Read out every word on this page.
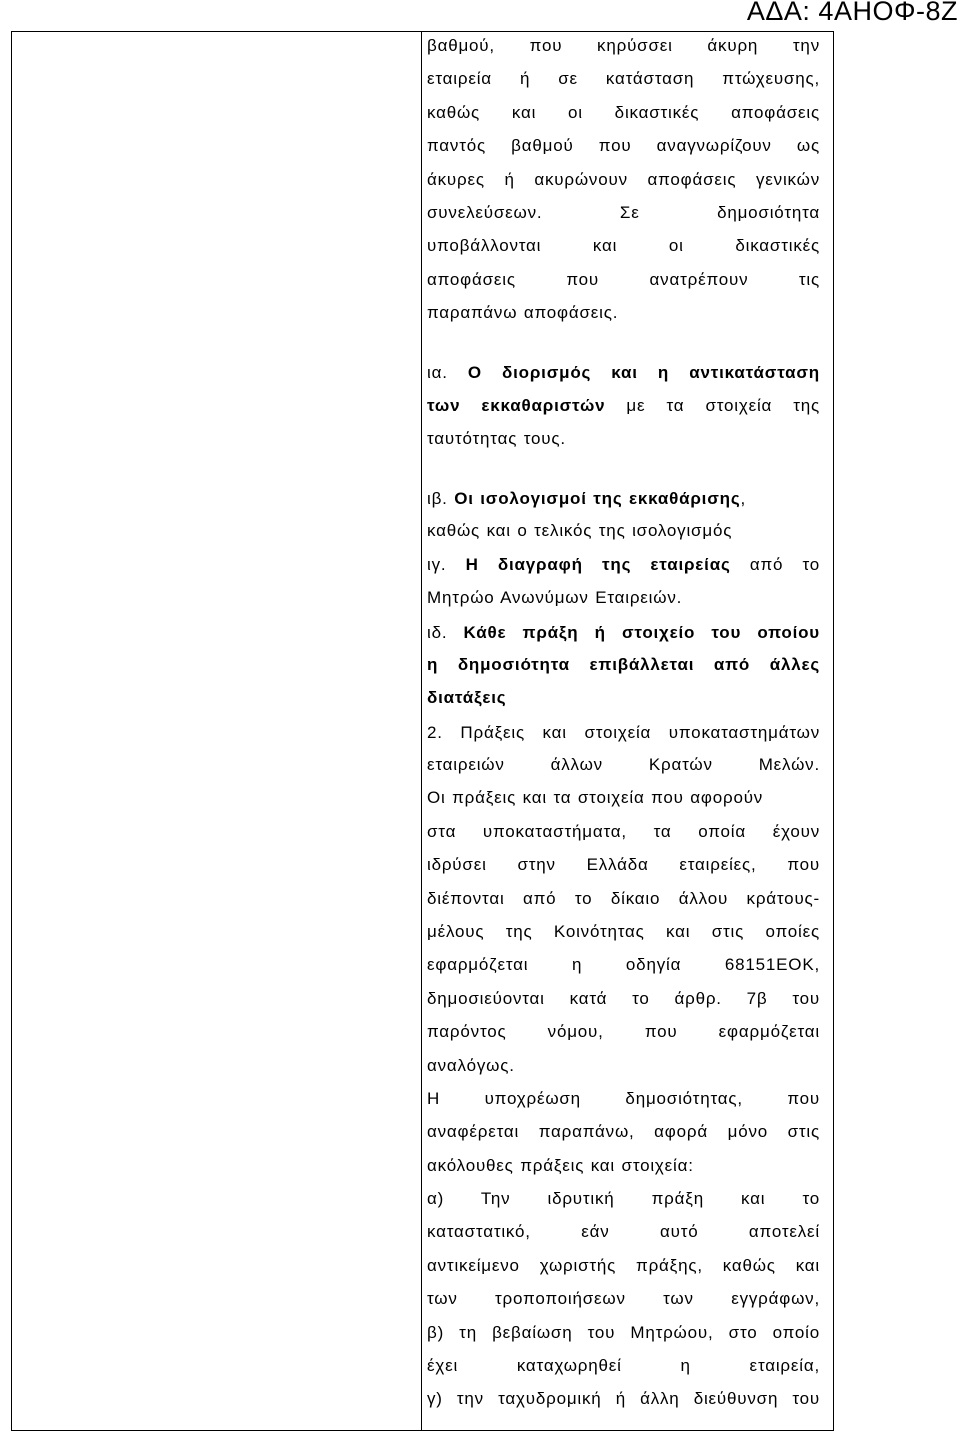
ΑΔΑ: 4ΑΗΟΦ-8Ζ
βαθμού, που κηρύσσει άκυρη την
εταιρεία ή σε κατάσταση πτώχευσης,
καθώς και οι δικαστικές αποφάσεις
παντός βαθμού που αναγνωρίζουν ως
άκυρες ή ακυρώνουν αποφάσεις γενικών
συνελεύσεων. Σε δημοσιότητα
υποβάλλονται και οι δικαστικές
αποφάσεις που ανατρέπουν τις
παραπάνω αποφάσεις.
ια. Ο διορισμός και η αντικατάσταση
των εκκαθαριστών με τα στοιχεία της
ταυτότητας τους.
ιβ. Οι ισολογισμοί της εκκαθάρισης,
καθώς και ο τελικός της ισολογισμός
ιγ. Η διαγραφή της εταιρείας από το
Μητρώο Ανωνύμων Εταιρειών.
ιδ. Κάθε πράξη ή στοιχείο του οποίου
η δημοσιότητα επιβάλλεται από άλλες
διατάξεις
2. Πράξεις και στοιχεία υποκαταστημάτων
εταιρειών άλλων Κρατών Μελών.
Οι πράξεις και τα στοιχεία που αφορούν
στα υποκαταστήματα, τα οποία έχουν
ιδρύσει στην Ελλάδα εταιρείες, που
διέπονται από το δίκαιο άλλου κράτους-
μέλους της Κοινότητας και στις οποίες
εφαρμόζεται η οδηγία 68151ΕΟΚ,
δημοσιεύονται κατά το άρθρ. 7β του
παρόντος νόμου, που εφαρμόζεται
αναλόγως.
Η υποχρέωση δημοσιότητας, που
αναφέρεται παραπάνω, αφορά μόνο στις
ακόλουθες πράξεις και στοιχεία:
α) Την ιδρυτική πράξη και το
καταστατικό, εάν αυτό αποτελεί
αντικείμενο χωριστής πράξης, καθώς και
των τροποποιήσεων των εγγράφων,
β) τη βεβαίωση του Μητρώου, στο οποίο
έχει καταχωρηθεί η εταιρεία,
γ) την ταχυδρομική ή άλλη διεύθυνση του
